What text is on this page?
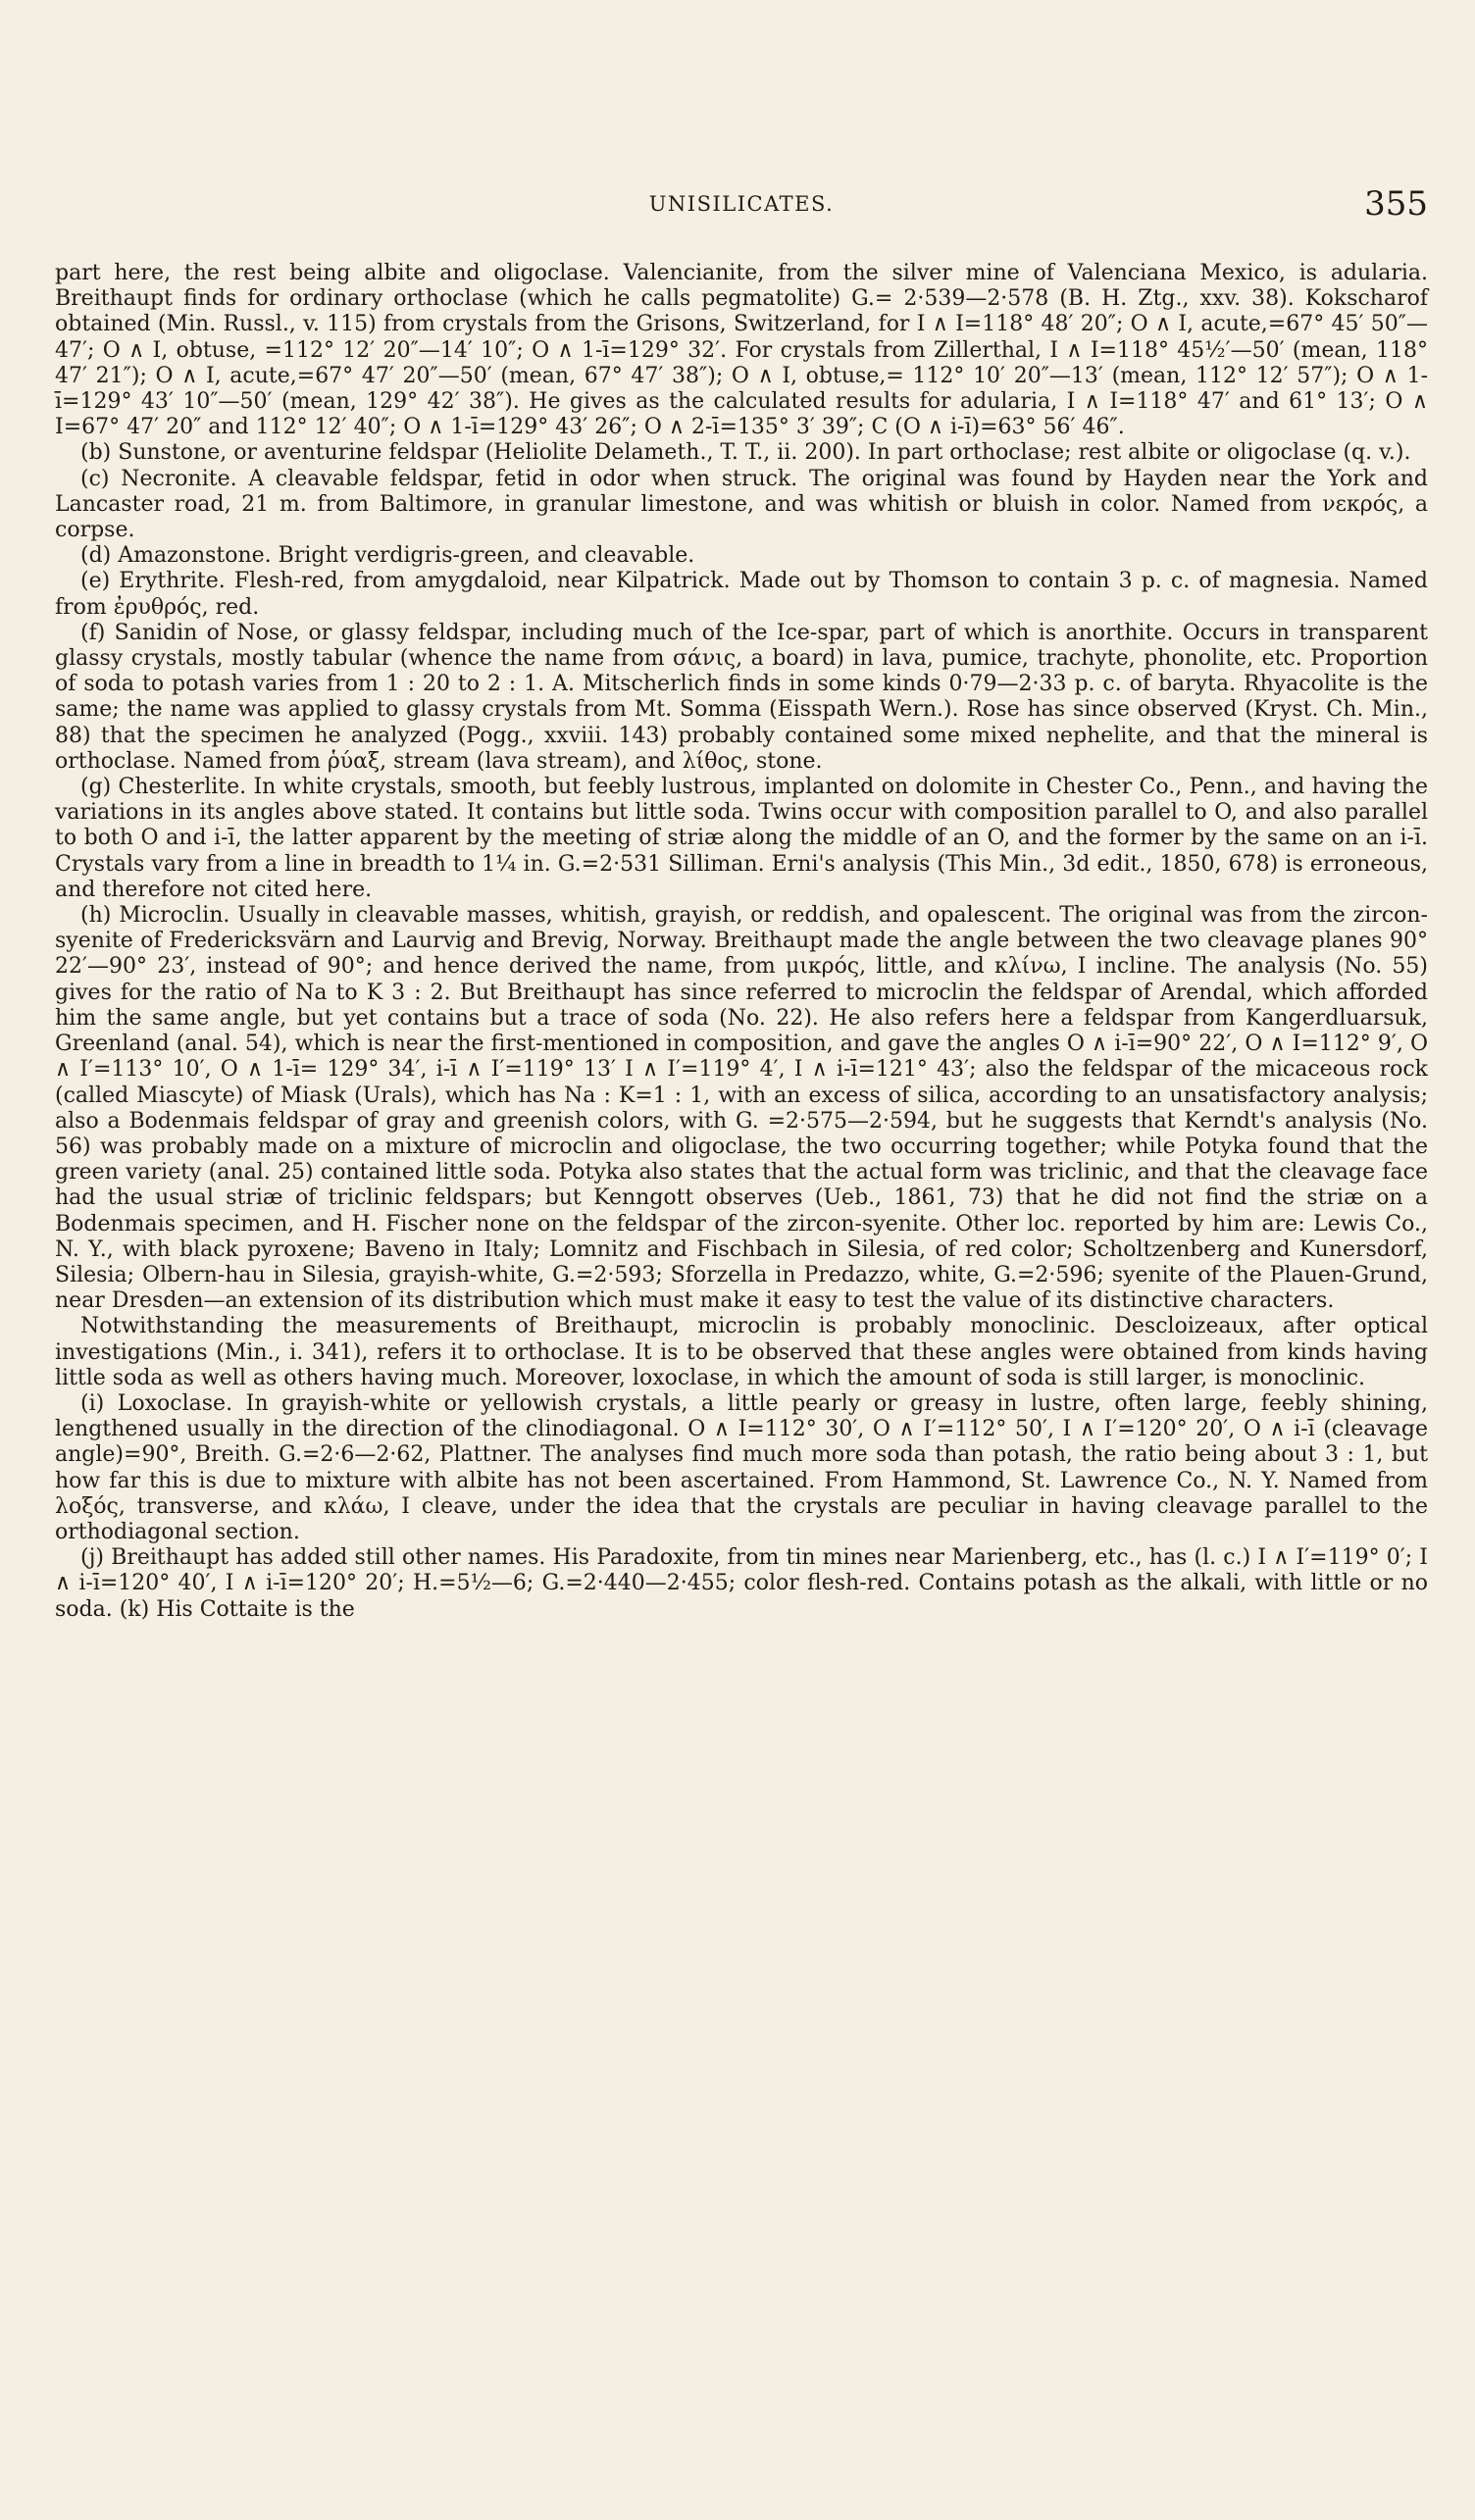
UNISILICATES.	355

part here, the rest being albite and oligoclase. Valencianite, from the silver mine of Valenciana Mexico, is adularia. Breithaupt finds for ordinary orthoclase (which he calls pegmatolite) G.= 2·539—2·578 (B. H. Ztg., xxv. 38). Kokscharof obtained (Min. Russl., v. 115) from crystals from the Grisons, Switzerland, for I ∧ I=118° 48′ 20″; O ∧ I, acute,=67° 45′ 50″—47′; O ∧ I, obtuse, =112° 12′ 20″—14′ 10″; O ∧ 1-ī=129° 32′. For crystals from Zillerthal, I ∧ I=118° 45½′—50′ (mean, 118° 47′ 21″); O ∧ I, acute,=67° 47′ 20″—50′ (mean, 67° 47′ 38″); O ∧ I, obtuse,= 112° 10′ 20″—13′ (mean, 112° 12′ 57″); O ∧ 1-ī=129° 43′ 10″—50′ (mean, 129° 42′ 38″). He gives as the calculated results for adularia, I ∧ I=118° 47′ and 61° 13′; O ∧ I=67° 47′ 20″ and 112° 12′ 40″; O ∧ 1-ī=129° 43′ 26″; O ∧ 2-ī=135° 3′ 39″; C (O ∧ i-ī)=63° 56′ 46″.

(b) Sunstone, or aventurine feldspar (Heliolite Delameth., T. T., ii. 200). In part orthoclase; rest albite or oligoclase (q. v.).

(c) Necronite. A cleavable feldspar, fetid in odor when struck. The original was found by Hayden near the York and Lancaster road, 21 m. from Baltimore, in granular limestone, and was whitish or bluish in color. Named from νεκρός, a corpse.

(d) Amazonstone. Bright verdigris-green, and cleavable.

(e) Erythrite. Flesh-red, from amygdaloid, near Kilpatrick. Made out by Thomson to contain 3 p. c. of magnesia. Named from ἐρυθρός, red.

(f) Sanidin of Nose, or glassy feldspar, including much of the Ice-spar, part of which is anorthite. Occurs in transparent glassy crystals, mostly tabular (whence the name from σάνις, a board) in lava, pumice, trachyte, phonolite, etc. Proportion of soda to potash varies from 1 : 20 to 2 : 1. A. Mitscherlich finds in some kinds 0·79—2·33 p. c. of baryta. Rhyacolite is the same; the name was applied to glassy crystals from Mt. Somma (Eisspath Wern.). Rose has since observed (Kryst. Ch. Min., 88) that the specimen he analyzed (Pogg., xxviii. 143) probably contained some mixed nephelite, and that the mineral is orthoclase. Named from ῥύαξ, stream (lava stream), and λίθος, stone.

(g) Chesterlite. In white crystals, smooth, but feebly lustrous, implanted on dolomite in Chester Co., Penn., and having the variations in its angles above stated. It contains but little soda. Twins occur with composition parallel to O, and also parallel to both O and i-ī, the latter apparent by the meeting of striæ along the middle of an O, and the former by the same on an i-ī. Crystals vary from a line in breadth to 1¼ in. G.=2·531 Silliman. Erni's analysis (This Min., 3d edit., 1850, 678) is erroneous, and therefore not cited here.

(h) Microclin. Usually in cleavable masses, whitish, grayish, or reddish, and opalescent. The original was from the zircon-syenite of Fredericksvärn and Laurvig and Brevig, Norway. Breithaupt made the angle between the two cleavage planes 90° 22′—90° 23′, instead of 90°; and hence derived the name, from μικρός, little, and κλίνω, I incline. The analysis (No. 55) gives for the ratio of Na to K 3 : 2. But Breithaupt has since referred to microclin the feldspar of Arendal, which afforded him the same angle, but yet contains but a trace of soda (No. 22). He also refers here a feldspar from Kangerdluarsuk, Greenland (anal. 54), which is near the first-mentioned in composition, and gave the angles O ∧ i-ī=90° 22′, O ∧ I=112° 9′, O ∧ I′=113° 10′, O ∧ 1-ī= 129° 34′, i-ī ∧ I′=119° 13′ I ∧ I′=119° 4′, I ∧ i-ī=121° 43′; also the feldspar of the micaceous rock (called Miascyte) of Miask (Urals), which has Na : K=1 : 1, with an excess of silica, according to an unsatisfactory analysis; also a Bodenmais feldspar of gray and greenish colors, with G. =2·575—2·594, but he suggests that Kerndt's analysis (No. 56) was probably made on a mixture of microclin and oligoclase, the two occurring together; while Potyka found that the green variety (anal. 25) contained little soda. Potyka also states that the actual form was triclinic, and that the cleavage face had the usual striæ of triclinic feldspars; but Kenngott observes (Ueb., 1861, 73) that he did not find the striæ on a Bodenmais specimen, and H. Fischer none on the feldspar of the zircon-syenite. Other loc. reported by him are: Lewis Co., N. Y., with black pyroxene; Baveno in Italy; Lomnitz and Fischbach in Silesia, of red color; Scholtzenberg and Kunersdorf, Silesia; Olbern-hau in Silesia, grayish-white, G.=2·593; Sforzella in Predazzo, white, G.=2·596; syenite of the Plauen-Grund, near Dresden—an extension of its distribution which must make it easy to test the value of its distinctive characters.

Notwithstanding the measurements of Breithaupt, microclin is probably monoclinic. Descloizeaux, after optical investigations (Min., i. 341), refers it to orthoclase. It is to be observed that these angles were obtained from kinds having little soda as well as others having much. Moreover, loxoclase, in which the amount of soda is still larger, is monoclinic.

(i) Loxoclase. In grayish-white or yellowish crystals, a little pearly or greasy in lustre, often large, feebly shining, lengthened usually in the direction of the clinodiagonal. O ∧ I=112° 30′, O ∧ I′=112° 50′, I ∧ I′=120° 20′, O ∧ i-ī (cleavage angle)=90°, Breith. G.=2·6—2·62, Plattner. The analyses find much more soda than potash, the ratio being about 3 : 1, but how far this is due to mixture with albite has not been ascertained. From Hammond, St. Lawrence Co., N. Y. Named from λοξός, transverse, and κλάω, I cleave, under the idea that the crystals are peculiar in having cleavage parallel to the orthodiagonal section.

(j) Breithaupt has added still other names. His Paradoxite, from tin mines near Marienberg, etc., has (l. c.) I ∧ I′=119° 0′; I ∧ i-ī=120° 40′, I ∧ i-ī=120° 20′; H.=5½—6; G.=2·440—2·455; color flesh-red. Contains potash as the alkali, with little or no soda. (k) His Cottaite is the
